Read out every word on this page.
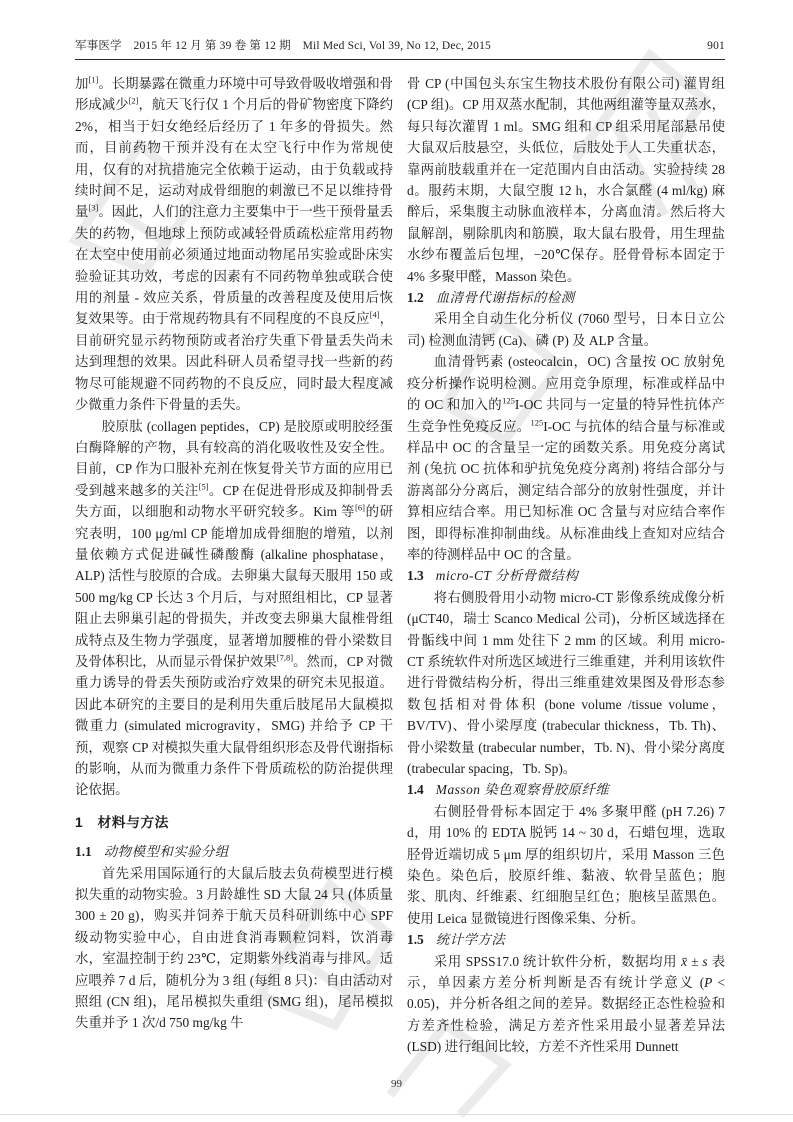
军事医学　2015 年 12 月 第 39 卷 第 12 期　Mil Med Sci, Vol 39, No 12, Dec, 2015	901

加[1]。长期暴露在微重力环境中可导致骨吸收增强和骨形成减少[2]，航天飞行仅 1 个月后的骨矿物密度下降约 2%，相当于妇女绝经后经历了 1 年多的骨损失。然而，目前药物干预并没有在太空飞行中作为常规使用，仅有的对抗措施完全依赖于运动，由于负载或持续时间不足，运动对成骨细胞的刺激已不足以维持骨量[3]。因此，人们的注意力主要集中于一些干预骨量丢失的药物，但地球上预防或减轻骨质疏松症常用药物在太空中使用前必须通过地面动物尾吊实验或卧床实验验证其功效，考虑的因素有不同药物单独或联合使用的剂量 - 效应关系，骨质量的改善程度及使用后恢复效果等。由于常规药物具有不同程度的不良反应[4]，目前研究显示药物预防或者治疗失重下骨量丢失尚未达到理想的效果。因此科研人员希望寻找一些新的药物尽可能规避不同药物的不良反应，同时最大程度减少微重力条件下骨量的丢失。

胶原肽 (collagen peptides，CP) 是胶原或明胶经蛋白酶降解的产物，具有较高的消化吸收性及安全性。目前，CP 作为口服补充剂在恢复骨关节方面的应用已受到越来越多的关注[5]。CP 在促进骨形成及抑制骨丢失方面，以细胞和动物水平研究较多。Kim 等[6]的研究表明，100 μg/ml CP 能增加成骨细胞的增殖，以剂量依赖方式促进碱性磷酸酶 (alkaline phosphatase，ALP) 活性与胶原的合成。去卵巢大鼠每天服用 150 或 500 mg/kg CP 长达 3 个月后，与对照组相比，CP 显著阻止去卵巢引起的骨损失，并改变去卵巢大鼠椎骨组成特点及生物力学强度，显著增加腰椎的骨小梁数目及骨体积比，从而显示骨保护效果[7,8]。然而，CP 对微重力诱导的骨丢失预防或治疗效果的研究未见报道。因此本研究的主要目的是利用失重后肢尾吊大鼠模拟微重力 (simulated microgravity，SMG) 并给予 CP 干预，观察 CP 对模拟失重大鼠骨组织形态及骨代谢指标的影响，从而为微重力条件下骨质疏松的防治提供理论依据。

1　材料与方法
1.1 动物模型和实验分组

首先采用国际通行的大鼠后肢去负荷模型进行模拟失重的动物实验。3 月龄雄性 SD 大鼠 24 只 (体质量 300 ± 20 g)，购买并饲养于航天员科研训练中心 SPF 级动物实验中心，自由进食消毒颗粒饲料，饮消毒水，室温控制于约 23℃，定期紫外线消毒与排风。适应喂养 7 d 后，随机分为 3 组 (每组 8 只)：自由活动对照组 (CN 组)，尾吊模拟失重组 (SMG 组)，尾吊模拟失重并予 1 次/d 750 mg/kg 牛

骨 CP (中国包头东宝生物技术股份有限公司) 灌胃组 (CP 组)。CP 用双蒸水配制，其他两组灌等量双蒸水，每只每次灌胃 1 ml。SMG 组和 CP 组采用尾部悬吊使大鼠双后肢悬空，头低位，后肢处于人工失重状态，靠两前肢载重并在一定范围内自由活动。实验持续 28 d。服药末期，大鼠空腹 12 h，水合氯醛 (4 ml/kg) 麻醉后，采集腹主动脉血液样本，分离血清。然后将大鼠解剖，剔除肌肉和筋膜，取大鼠右股骨，用生理盐水纱布覆盖后包埋，−20℃保存。胫骨骨标本固定于 4% 多聚甲醛，Masson 染色。

1.2 血清骨代谢指标的检测

采用全自动生化分析仪 (7060 型号，日本日立公司) 检测血清钙 (Ca)、磷 (P) 及 ALP 含量。

血清骨钙素 (osteocalcin，OC) 含量按 OC 放射免疫分析操作说明检测。应用竞争原理，标准或样品中的 OC 和加入的$^{125}$I-OC 共同与一定量的特异性抗体产生竞争性免疫反应。$^{125}$I-OC 与抗体的结合量与标准或样品中 OC 的含量呈一定的函数关系。用免疫分离试剂 (兔抗 OC 抗体和驴抗兔免疫分离剂) 将结合部分与游离部分分离后，测定结合部分的放射性强度，并计算相应结合率。用已知标准 OC 含量与对应结合率作图，即得标准抑制曲线。从标准曲线上查知对应结合率的待测样品中 OC 的含量。

1.3 micro-CT 分析骨微结构

将右侧股骨用小动物 micro-CT 影像系统成像分析 (μCT40，瑞士 Scanco Medical 公司)，分析区域选择在骨骺线中间 1 mm 处往下 2 mm 的区域。利用 micro-CT 系统软件对所选区域进行三维重建，并利用该软件进行骨微结构分析，得出三维重建效果图及骨形态参数包括相对骨体积 (bone volume /tissue volume，BV/TV)、骨小梁厚度 (trabecular thickness，Tb. Th)、骨小梁数量 (trabecular number，Tb. N)、骨小梁分离度 (trabecular spacing，Tb. Sp)。

1.4 Masson 染色观察骨胶原纤维

右侧胫骨骨标本固定于 4% 多聚甲醛 (pH 7.26) 7 d，用 10% 的 EDTA 脱钙 14 ~ 30 d，石蜡包埋，选取胫骨近端切成 5 μm 厚的组织切片，采用 Masson 三色染色。染色后，胶原纤维、黏液、软骨呈蓝色；胞浆、肌肉、纤维素、红细胞呈红色；胞核呈蓝黑色。使用 Leica 显微镜进行图像采集、分析。

1.5 统计学方法

采用 SPSS17.0 统计软件分析，数据均用 x̄ ± s 表示，单因素方差分析判断是否有统计学意义 (P < 0.05)，并分析各组之间的差异。数据经正态性检验和方差齐性检验，满足方差齐性采用最小显著差异法 (LSD) 进行组间比较，方差不齐性采用 Dunnett

99
